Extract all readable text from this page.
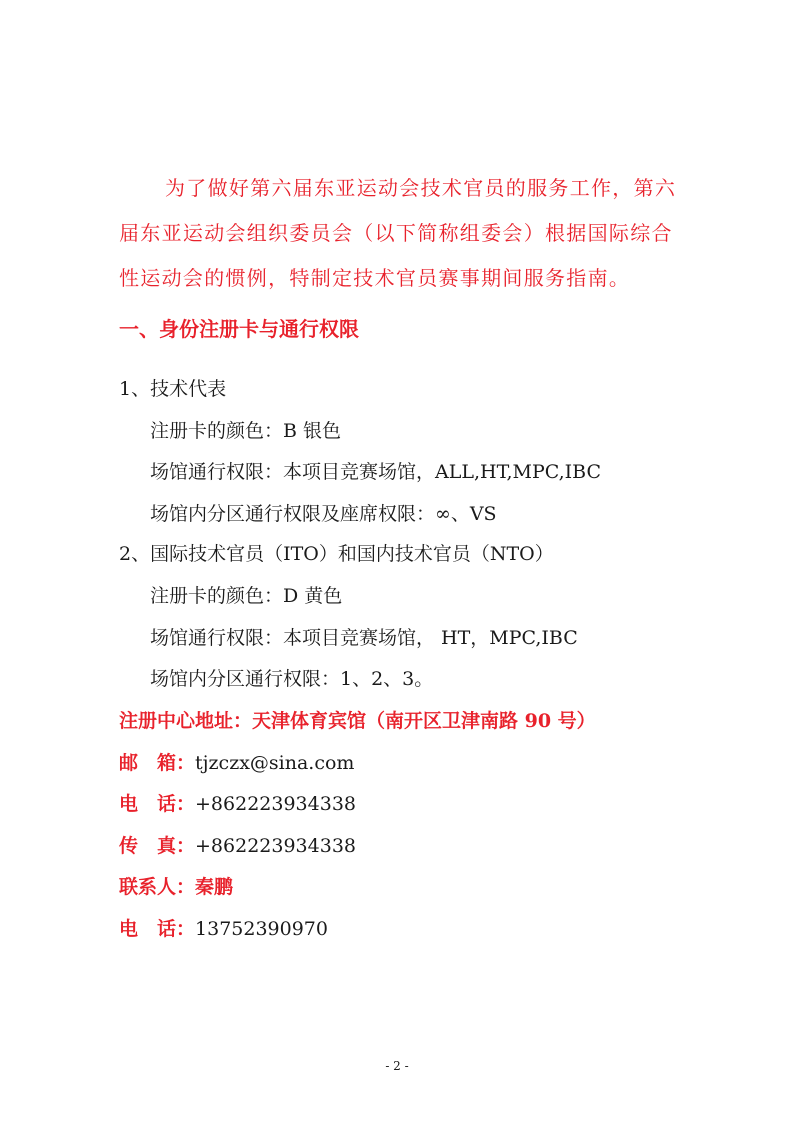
为了做好第六届东亚运动会技术官员的服务工作，第六届东亚运动会组织委员会（以下简称组委会）根据国际综合性运动会的惯例，特制定技术官员赛事期间服务指南。
一、身份注册卡与通行权限
1、技术代表
注册卡的颜色：B 银色
场馆通行权限：本项目竞赛场馆，ALL,HT,MPC,IBC
场馆内分区通行权限及座席权限：∞、VS
2、国际技术官员（ITO）和国内技术官员（NTO）
注册卡的颜色：D 黄色
场馆通行权限：本项目竞赛场馆， HT，MPC,IBC
场馆内分区通行权限：1、2、3。
注册中心地址：天津体育宾馆（南开区卫津南路 90 号）
邮　箱：tjzczx@sina.com
电　话：+862223934338
传　真：+862223934338
联系人：秦鹏
电　话：13752390970
- 2 -
